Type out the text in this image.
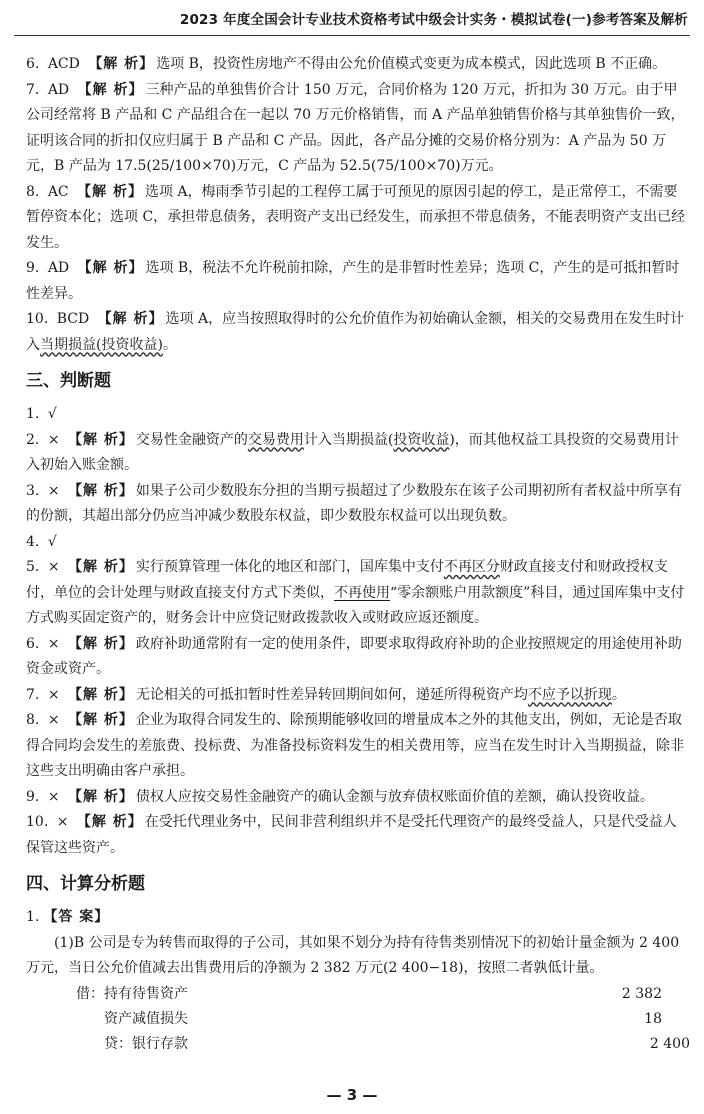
2023 年度全国会计专业技术资格考试中级会计实务・模拟试卷(一)参考答案及解析
6. ACD 【解 析】 选项 B，投资性房地产不得由公允价值模式变更为成本模式，因此选项 B 不正确。
7. AD 【解 析】 三种产品的单独售价合计 150 万元，合同价格为 120 万元，折扣为 30 万元。由于甲公司经常将 B 产品和 C 产品组合在一起以 70 万元价格销售，而 A 产品单独销售价格与其单独售价一致，证明该合同的折扣仅应归属于 B 产品和 C 产品。因此，各产品分摊的交易价格分别为：A 产品为 50 万元，B 产品为 17.5(25/100×70)万元，C 产品为 52.5(75/100×70)万元。
8. AC 【解 析】 选项 A，梅雨季节引起的工程停工属于可预见的原因引起的停工，是正常停工，不需要暂停资本化；选项 C，承担带息债务，表明资产支出已经发生，而承担不带息债务，不能表明资产支出已经发生。
9. AD 【解 析】 选项 B，税法不允许税前扣除，产生的是非暂时性差异；选项 C，产生的是可抵扣暂时性差异。
10. BCD 【解 析】 选项 A，应当按照取得时的公允价值作为初始确认金额，相关的交易费用在发生时计入当期损益(投资收益)。
三、判断题
1. √
2. × 【解 析】 交易性金融资产的交易费用计入当期损益(投资收益)，而其他权益工具投资的交易费用计入初始入账金额。
3. × 【解 析】 如果子公司少数股东分担的当期亏损超过了少数股东在该子公司期初所有者权益中所享有的份额，其超出部分仍应当冲减少数股东权益，即少数股东权益可以出现负数。
4. √
5. × 【解 析】 实行预算管理一体化的地区和部门，国库集中支付不再区分财政直接支付和财政授权支付，单位的会计处理与财政直接支付方式下类似，不再使用“零余额账户用款额度”科目，通过国库集中支付方式购买固定资产的，财务会计中应贷记财政拨款收入或财政应返还额度。
6. × 【解 析】 政府补助通常附有一定的使用条件，即要求取得政府补助的企业按照规定的用途使用补助资金或资产。
7. × 【解 析】 无论相关的可抵扣暂时性差异转回期间如何，递延所得税资产均不应予以折现。
8. × 【解 析】 企业为取得合同发生的、除预期能够收回的增量成本之外的其他支出，例如，无论是否取得合同均会发生的差旅费、投标费、为准备投标资料发生的相关费用等，应当在发生时计入当期损益，除非这些支出明确由客户承担。
9. × 【解 析】 债权人应按交易性金融资产的确认金额与放弃债权账面价值的差额，确认投资收益。
10. × 【解 析】 在受托代理业务中，民间非营利组织并不是受托代理资产的最终受益人，只是代受益人保管这些资产。
四、计算分析题
1. 【答 案】
(1)B 公司是专为转售而取得的子公司，其如果不划分为持有待售类别情况下的初始计量金额为 2 400 万元，当日公允价值减去出售费用后的净额为 2 382 万元(2 400−18)，按照二者孰低计量。
借：持有待售资产	2 382
资产减值损失	18
贷：银行存款	2 400
— 3 —
